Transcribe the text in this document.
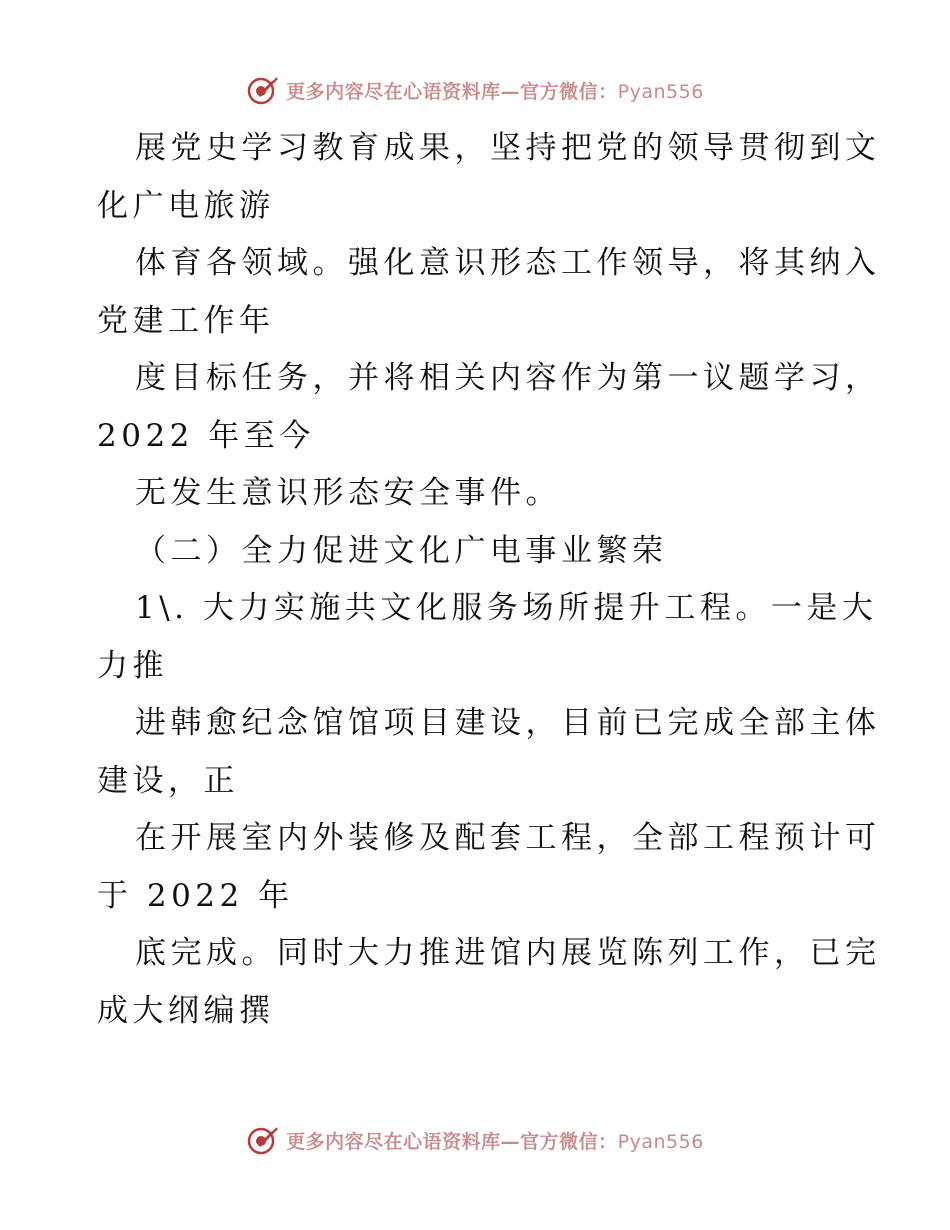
更多内容尽在心语资料库—官方微信：Pyan556
展党史学习教育成果，坚持把党的领导贯彻到文
化广电旅游
体育各领域。强化意识形态工作领导，将其纳入
党建工作年
度目标任务，并将相关内容作为第一议题学习，
2022 年至今
无发生意识形态安全事件。
（二）全力促进文化广电事业繁荣
1\. 大力实施共文化服务场所提升工程。一是大
力推
进韩愈纪念馆馆项目建设，目前已完成全部主体
建设，正
在开展室内外装修及配套工程，全部工程预计可
于 2022 年
底完成。同时大力推进馆内展览陈列工作，已完
成大纲编撰
更多内容尽在心语资料库—官方微信：Pyan556
